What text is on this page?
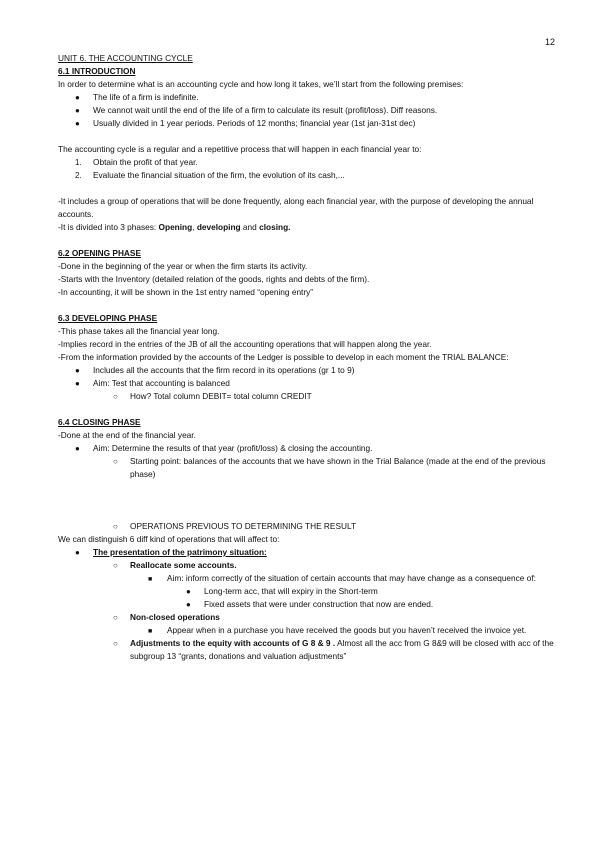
12

UNIT 6. THE ACCOUNTING CYCLE

6.1 INTRODUCTION

In order to determine what is an accounting cycle and how long it takes, we’ll start from the following premises:

●
The life of a firm is indefinite.
●
We cannot wait until the end of the life of a firm to calculate its result (profit/loss). Diff reasons.
●
Usually divided in 1 year periods. Periods of 12 months; financial year (1st jan-31st dec)

The accounting cycle is a regular and a repetitive process that will happen in each financial year to:

1. Obtain the profit of that year.
2. Evaluate the financial situation of the firm, the evolution of its cash,...

-It includes a group of operations that will be done frequently, along each financial year, with the purpose of developing the annual accounts.

-It is divided into 3 phases: Opening, developing and closing.

6.2 OPENING PHASE

-Done in the beginning of the year or when the firm starts its activity.

-Starts with the Inventory (detailed relation of the goods, rights and debts of the firm).

-In accounting, it will be shown in the 1st entry named “opening entry”

6.3 DEVELOPING PHASE

-This phase takes all the financial year long.

-Implies record in the entries of the JB of all the accounting operations that will happen along the year.

-From the information provided by the accounts of the Ledger is possible to develop in each moment the TRIAL BALANCE:

●
Includes all the accounts that the firm record in its operations (gr 1 to 9)
●
Aim: Test that accounting is balanced
○
How? Total column DEBIT= total column CREDIT

6.4 CLOSING PHASE

-Done at the end of the financial year.

●
Aim: Determine the results of that year (profit/loss) & closing the accounting.
○
Starting point: balances of the accounts that we have shown in the Trial Balance (made at the end of the previous phase)
○
OPERATIONS PREVIOUS TO DETERMINING THE RESULT

We can distinguish 6 diff kind of operations that will affect to:

●
The presentation of the patrimony situation:
○
Reallocate some accounts.
■
Aim: inform correctly of the situation of certain accounts that may have change as a consequence of:
●
Long-term acc, that will expiry in the Short-term
●
Fixed assets that were under construction that now are ended.
○
Non-closed operations
■
Appear when in a purchase you have received the goods but you haven’t received the invoice yet.
○
Adjustments to the equity with accounts of G 8 & 9 . Almost all the acc from G 8&9 will be closed with acc of the subgroup 13 “grants, donations and valuation adjustments”
